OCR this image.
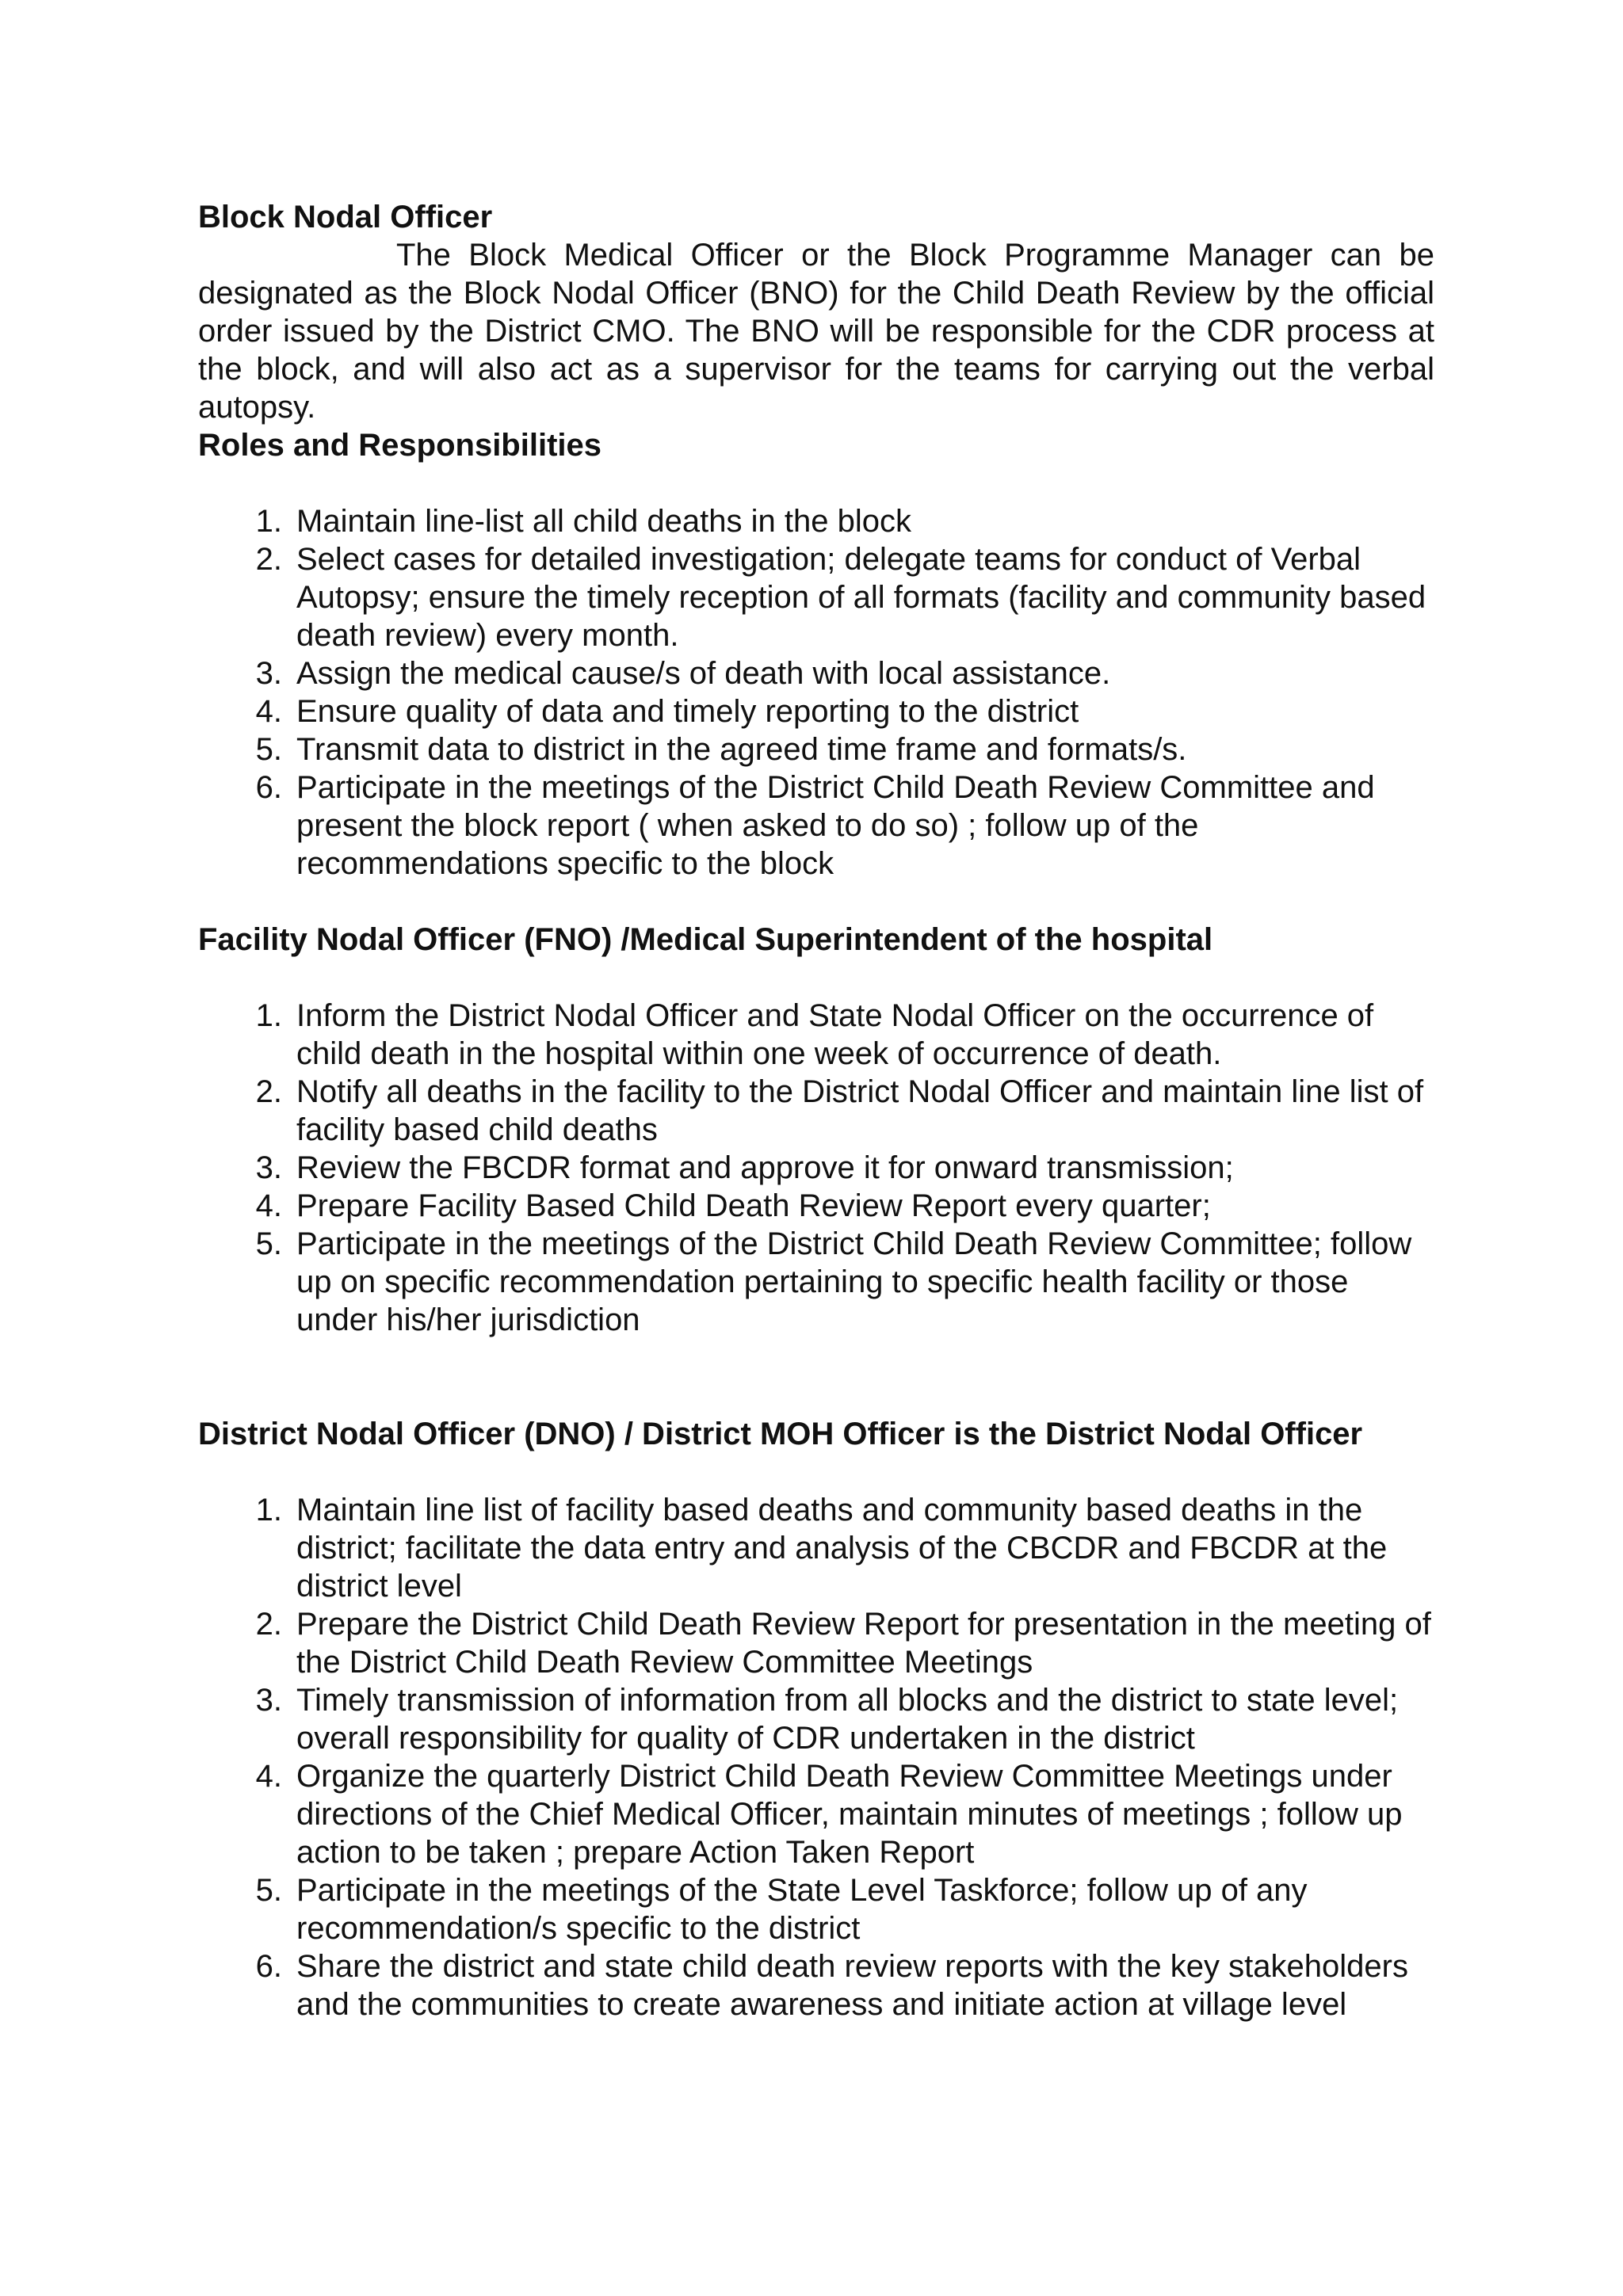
Block Nodal Officer

The Block Medical Officer or the Block Programme Manager can be designated as the Block Nodal Officer (BNO) for the Child Death Review by the official order issued by the District CMO. The BNO will be responsible for the CDR process at the block, and will also act as a supervisor for the teams for carrying out the verbal autopsy.

Roles and Responsibilities

1. Maintain line-list all child deaths in the block
2. Select cases for detailed investigation; delegate teams for conduct of Verbal Autopsy; ensure the timely reception of all formats (facility and community based death review) every month.
3. Assign the medical cause/s of death with local assistance.
4. Ensure quality of data and timely reporting to the district
5. Transmit data to district in the agreed time frame and formats/s.
6. Participate in the meetings of the District Child Death Review Committee and present the block report ( when asked to do so) ; follow up of the recommendations specific to the block

Facility Nodal Officer (FNO) /Medical Superintendent of the hospital

1. Inform the District Nodal Officer and State Nodal Officer on the occurrence of child death in the hospital within one week of occurrence of death.
2. Notify all deaths in the facility to the District Nodal Officer and maintain line list of facility based child deaths
3. Review the FBCDR format and approve it for onward transmission;
4. Prepare Facility Based Child Death Review Report every quarter;
5. Participate in the meetings of the District Child Death Review Committee; follow up on specific recommendation pertaining to specific health facility or those under his/her jurisdiction

District Nodal Officer (DNO) / District MOH Officer is the District Nodal Officer

1. Maintain line list of facility based deaths and community based deaths in the district; facilitate the data entry and analysis of the CBCDR and FBCDR at the district level
2. Prepare the District Child Death Review Report for presentation in the meeting of the District Child Death Review Committee Meetings
3. Timely transmission of information from all blocks and the district to state level; overall responsibility for quality of CDR undertaken in the district
4. Organize the quarterly District Child Death Review Committee Meetings under directions of the Chief Medical Officer, maintain minutes of meetings ; follow up action to be taken ; prepare Action Taken Report
5. Participate in the meetings of the State Level Taskforce; follow up of any recommendation/s specific to the district
6. Share the district and state child death review reports with the key stakeholders and the communities to create awareness and initiate action at village level
